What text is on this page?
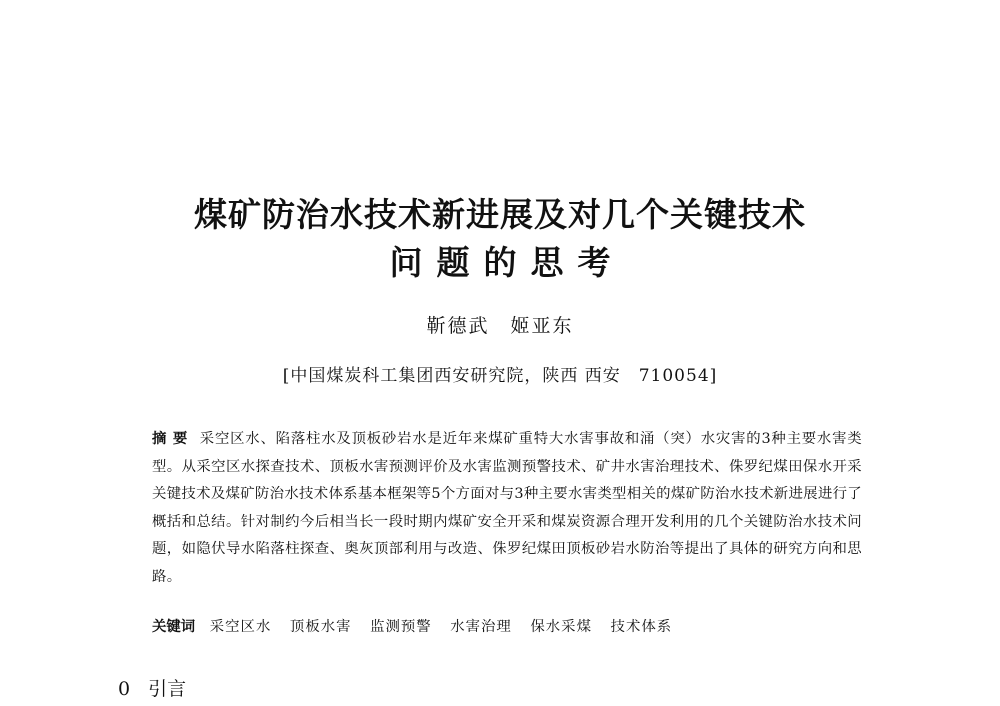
煤矿防治水技术新进展及对几个关键技术
问题的思考
靳德武　姬亚东
[中国煤炭科工集团西安研究院，陕西 西安　710054]
摘要 采空区水、陷落柱水及顶板砂岩水是近年来煤矿重特大水害事故和涌（突）水灾害的3种主要水害类型。从采空区水探查技术、顶板水害预测评价及水害监测预警技术、矿井水害治理技术、侏罗纪煤田保水开采关键技术及煤矿防治水技术体系基本框架等5个方面对与3种主要水害类型相关的煤矿防治水技术新进展进行了概括和总结。针对制约今后相当长一段时期内煤矿安全开采和煤炭资源合理开发利用的几个关键防治水技术问题，如隐伏导水陷落柱探查、奥灰顶部利用与改造、侏罗纪煤田顶板砂岩水防治等提出了具体的研究方向和思路。
关键词 采空区水 顶板水害 监测预警 水害治理 保水采煤 技术体系
0 引言
